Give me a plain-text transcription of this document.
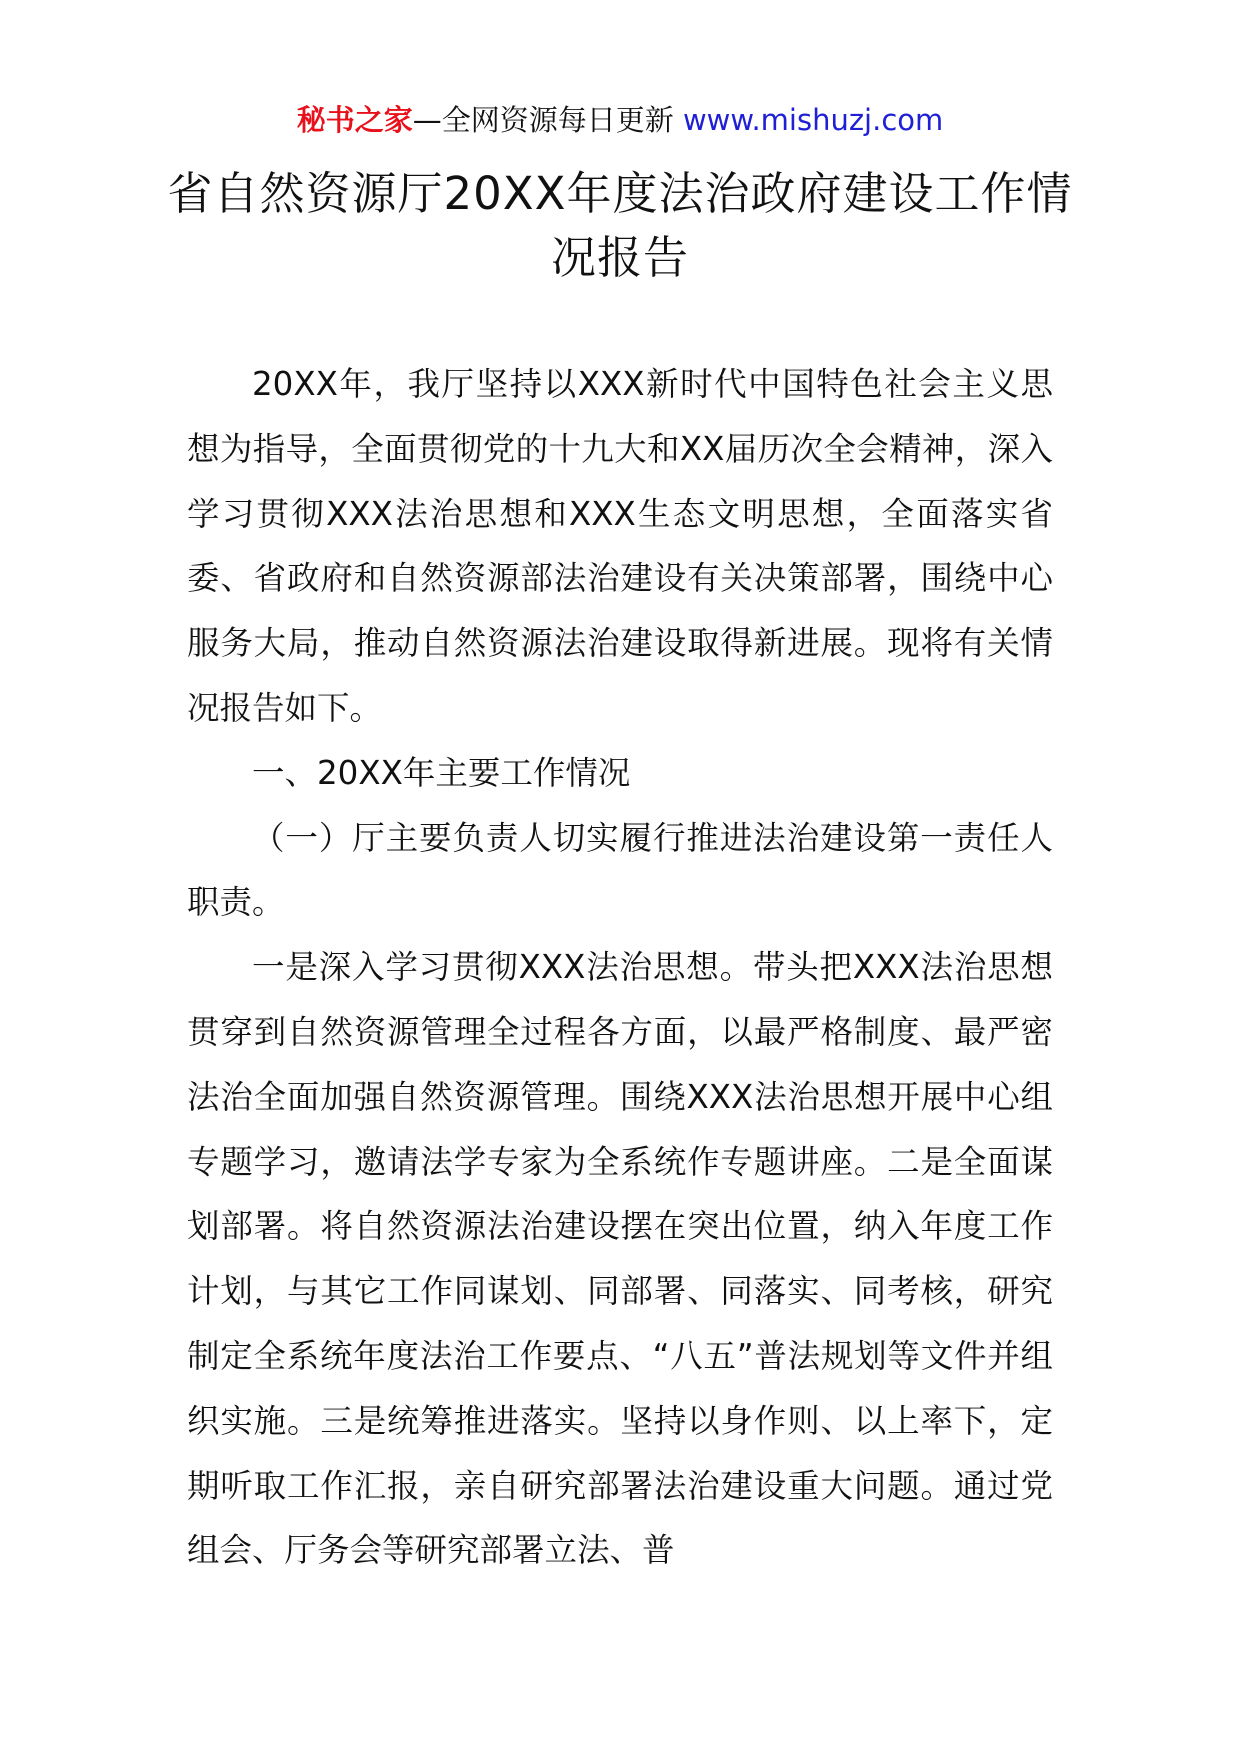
秘书之家—全网资源每日更新 www.mishuzj.com
省自然资源厅20XX年度法治政府建设工作情况报告

20XX年，我厅坚持以XXX新时代中国特色社会主义思想为指导，全面贯彻党的十九大和XX届历次全会精神，深入学习贯彻XXX法治思想和XXX生态文明思想，全面落实省委、省政府和自然资源部法治建设有关决策部署，围绕中心服务大局，推动自然资源法治建设取得新进展。现将有关情况报告如下。

一、20XX年主要工作情况

（一）厅主要负责人切实履行推进法治建设第一责任人职责。

一是深入学习贯彻XXX法治思想。带头把XXX法治思想贯穿到自然资源管理全过程各方面，以最严格制度、最严密法治全面加强自然资源管理。围绕XXX法治思想开展中心组专题学习，邀请法学专家为全系统作专题讲座。二是全面谋划部署。将自然资源法治建设摆在突出位置，纳入年度工作计划，与其它工作同谋划、同部署、同落实、同考核，研究制定全系统年度法治工作要点、“八五”普法规划等文件并组织实施。三是统筹推进落实。坚持以身作则、以上率下，定期听取工作汇报，亲自研究部署法治建设重大问题。通过党组会、厅务会等研究部署立法、普
